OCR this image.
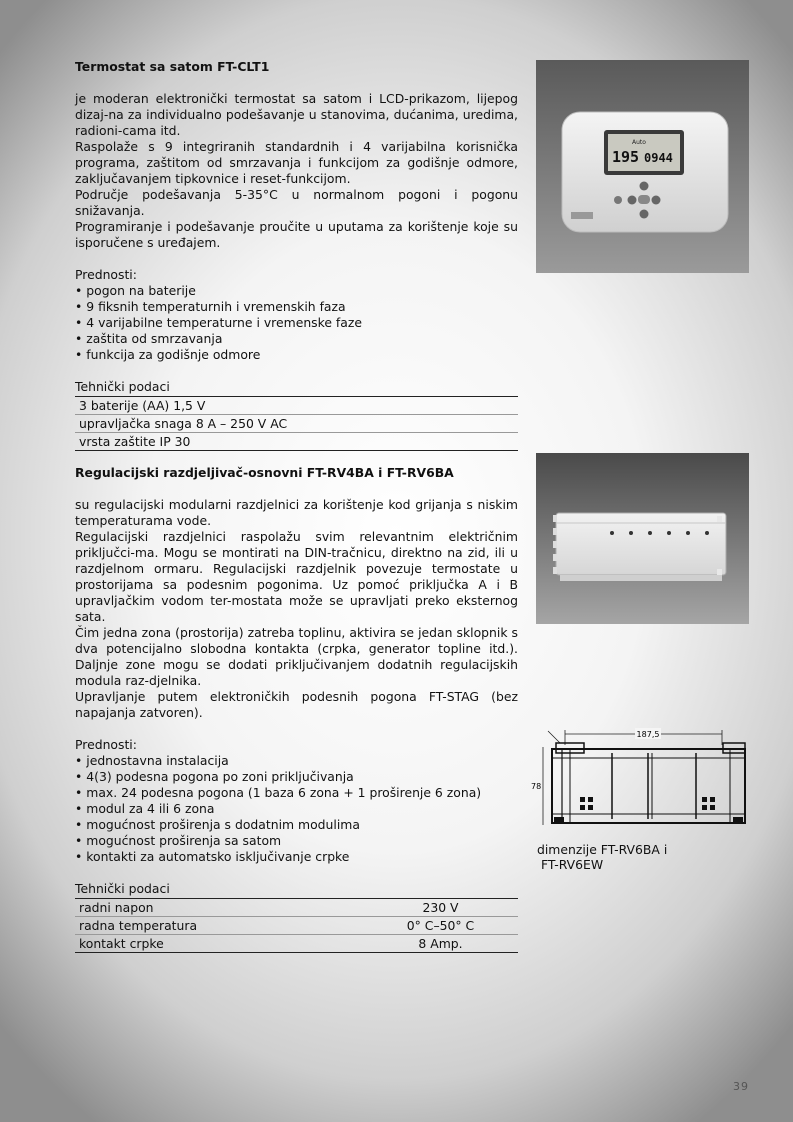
Termostat sa satom FT-CLT1

je moderan elektronički termostat sa satom i LCD-prikazom, lijepog dizaj-na za individualno podešavanje u stanovima, dućanima, uredima, radioni-cama itd.

Raspolaže s 9 integriranih standardnih i 4 varijabilna korisnička programa, zaštitom od smrzavanja i funkcijom za godišnje odmore, zaključavanjem tipkovnice i reset-funkcijom.

Područje podešavanja 5-35°C u normalnom pogoni i pogonu snižavanja.

Programiranje i podešavanje proučite u uputama za korištenje koje su isporučene s uređajem.

Prednosti:

• pogon na baterije
• 9 fiksnih temperaturnih i vremenskih faza
• 4 varijabilne temperaturne i vremenske faze
• zaštita od smrzavanja
• funkcija za godišnje odmore

Tehnički podaci

3 baterije (AA) 1,5 V
upravljačka snaga 8 A – 250 V AC
vrsta zaštite IP 30
Auto
195 0944
Regulacijski razdjeljivač-osnovni FT-RV4BA i FT-RV6BA

su regulacijski modularni razdjelnici za korištenje kod grijanja s niskim temperaturama vode.

Regulacijski razdjelnici raspolažu svim relevantnim električnim priključci-ma. Mogu se montirati na DIN-tračnicu, direktno na zid, ili u razdjelnom ormaru. Regulacijski razdjelnik povezuje termostate u prostorijama sa podesnim pogonima. Uz pomoć priključka A i B upravljačkim vodom ter-mostata može se upravljati preko eksternog sata.

Čim jedna zona (prostorija) zatreba toplinu, aktivira se jedan sklopnik s dva potencijalno slobodna kontakta (crpka, generator topline itd.). Daljnje zone mogu se dodati priključivanjem dodatnih regulacijskih modula raz-djelnika.

Upravljanje putem elektroničkih podesnih pogona FT-STAG (bez napajanja zatvoren).

Prednosti:

• jednostavna instalacija
• 4(3) podesna pogona po zoni priključivanja
• max. 24 podesna pogona (1 baza 6 zona + 1 proširenje 6 zona)
• modul za 4 ili 6 zona
• mogućnost proširenja s dodatnim modulima
• mogućnost proširenja sa satom
• kontakti za automatsko isključivanje crpke

Tehnički podaci

radni napon	230 V
radna temperatura	0° C–50° C
kontakt crpke	8 Amp.
187,5
78
dimenzije FT-RV6BA i
FT-RV6EW
39
